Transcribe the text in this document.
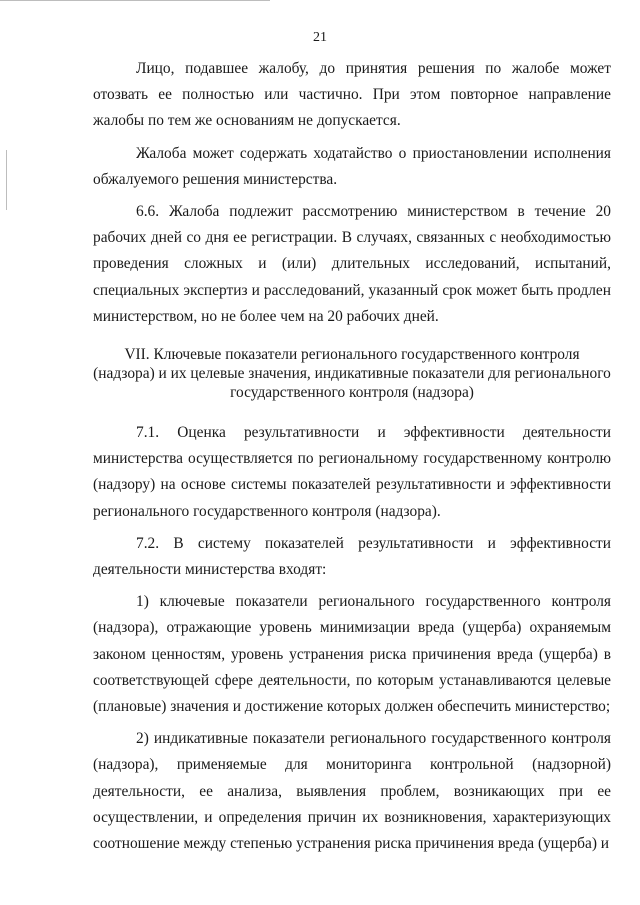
21

Лицо, подавшее жалобу, до принятия решения по жалобе может отозвать ее полностью или частично. При этом повторное направление жалобы по тем же основаниям не допускается.

Жалоба может содержать ходатайство о приостановлении исполнения обжалуемого решения министерства.

6.6. Жалоба подлежит рассмотрению министерством в течение 20 рабочих дней со дня ее регистрации. В случаях, связанных с необходимостью проведения сложных и (или) длительных исследований, испытаний, специальных экспертиз и расследований, указанный срок может быть продлен министерством, но не более чем на 20 рабочих дней.

VII. Ключевые показатели регионального государственного контроля (надзора) и их целевые значения, индикативные показатели для регионального государственного контроля (надзора)

7.1. Оценка результативности и эффективности деятельности министерства осуществляется по региональному государственному контролю (надзору) на основе системы показателей результативности и эффективности регионального государственного контроля (надзора).

7.2. В систему показателей результативности и эффективности деятельности министерства входят:

1) ключевые показатели регионального государственного контроля (надзора), отражающие уровень минимизации вреда (ущерба) охраняемым законом ценностям, уровень устранения риска причинения вреда (ущерба) в соответствующей сфере деятельности, по которым устанавливаются целевые (плановые) значения и достижение которых должен обеспечить министерство;

2) индикативные показатели регионального государственного контроля (надзора), применяемые для мониторинга контрольной (надзорной) деятельности, ее анализа, выявления проблем, возникающих при ее осуществлении, и определения причин их возникновения, характеризующих соотношение между степенью устранения риска причинения вреда (ущерба) и
